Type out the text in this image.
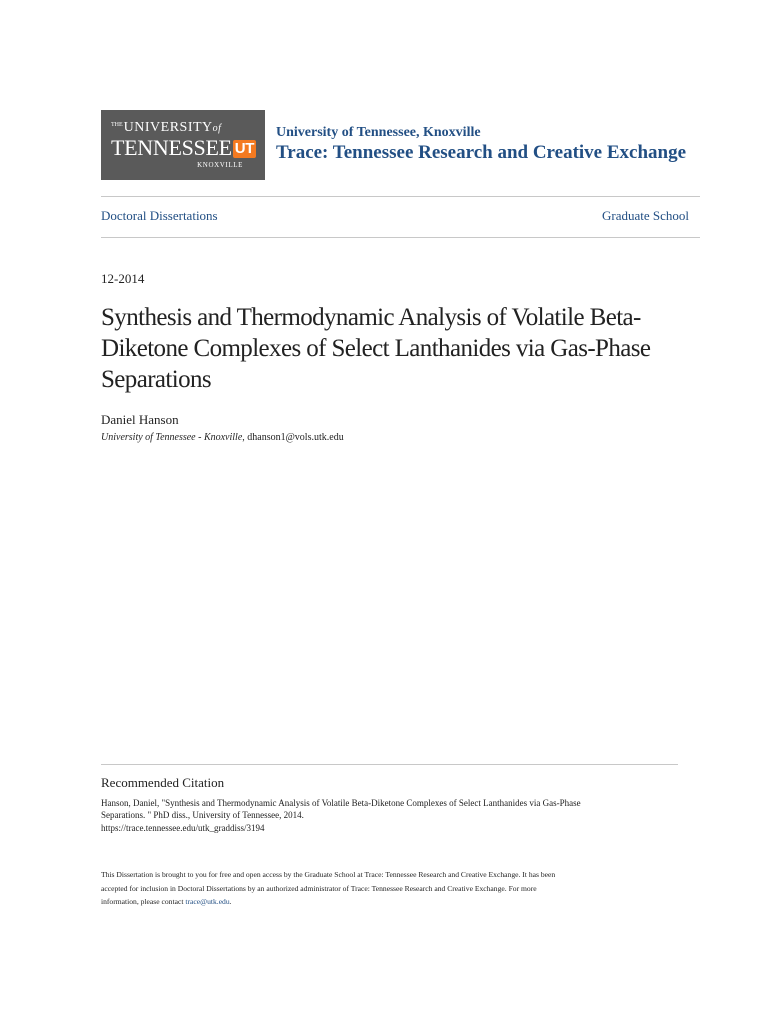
$^{THE}$UNIVERSITYof
TENNESSEE UT
KNOXVILLE
University of Tennessee, Knoxville
Trace: Tennessee Research and Creative Exchange
Doctoral Dissertations	Graduate School
12-2014
Synthesis and Thermodynamic Analysis of Volatile Beta-Diketone Complexes of Select Lanthanides via Gas-Phase Separations
Daniel Hanson
University of Tennessee - Knoxville, dhanson1@vols.utk.edu
Recommended Citation
Hanson, Daniel, "Synthesis and Thermodynamic Analysis of Volatile Beta-Diketone Complexes of Select Lanthanides via Gas-Phase
Separations. " PhD diss., University of Tennessee, 2014.
https://trace.tennessee.edu/utk_graddiss/3194
This Dissertation is brought to you for free and open access by the Graduate School at Trace: Tennessee Research and Creative Exchange. It has been
accepted for inclusion in Doctoral Dissertations by an authorized administrator of Trace: Tennessee Research and Creative Exchange. For more
information, please contact trace@utk.edu.
